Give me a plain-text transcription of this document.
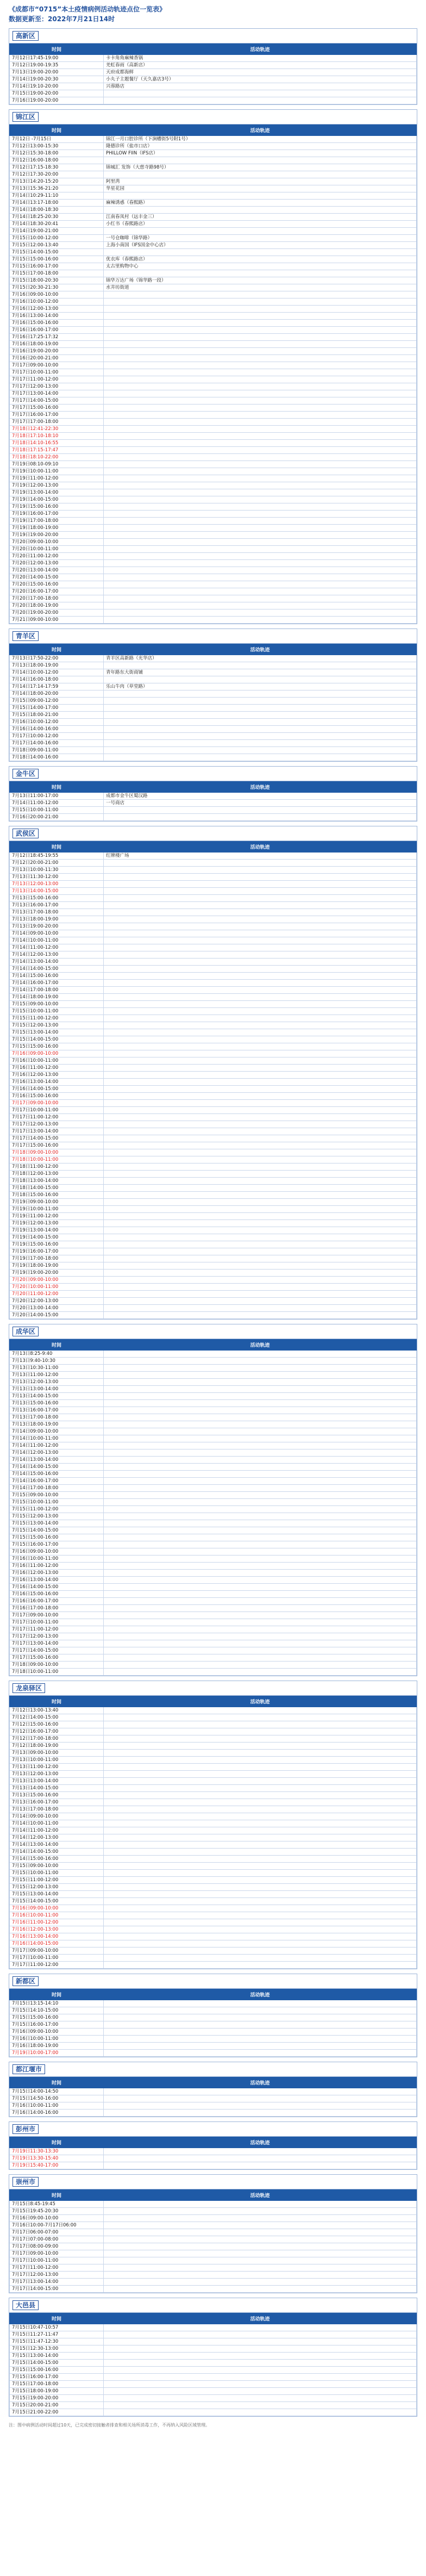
《成都市“0715”本土疫情病例活动轨迹点位一览表》
数据更新至：2022年7月21日14时
高新区
时间	活动轨迹
7月12日17:45-19:00	卡卡角角麻辣香锅
7月12日19:00-19:35	羌虹春雨（高新店）
7月13日19:00-20:00	天府成都海鲜
7月14日19:00-20:30	小丸子主题餐厅（天久嘉店3号）
7月14日19:10-20:00	兴蓉路店
7月15日19:00-20:00	
7月16日19:00-20:00	
锦江区
时间	活动轨迹
7月12日 -7月15日	锦江一月口腔诊所（下涧槽街5号附1号）
7月12日13:00-15:30	隆德诊所（盐市口店）
7月12日15:30-18:00	PHILLOW FIIN（IFS店）
7月12日16:00-18:00	
7月12日17:15-18:30	锦城汇 发饰（大慈寺路98号）
7月12日17:30-20:00	
7月13日14:20-15:20	阿里湾
7月13日15:36-21:20	华星花园
7月14日10:29-11:10	
7月14日13:17-18:00	麻辣诱惑（春熙路）
7月14日18:00-18:30	
7月14日18:25-20:30	江南春凤村（远丰金三）
7月14日18:30-20:41	小红书（春熙路店）
7月14日19:00-21:00	
7月15日10:00-12:00	一号仓咖啡（锦华路）
7月15日12:00-13:40	上海小南国（IFS国金中心店）
7月15日14:00-15:00	
7月15日15:00-16:00	优衣库（春熙路店）
7月15日16:00-17:00	太古里购物中心
7月15日17:00-18:00	
7月15日18:00-20:30	锦华万达广场（锦华路一段）
7月15日20:30-21:30	水井坊街道
7月16日09:00-10:00	
7月16日10:00-12:00	
7月16日12:00-13:00	
7月16日13:00-14:00	
7月16日15:00-16:00	
7月16日16:00-17:00	
7月16日17:25-17:32	
7月16日18:00-19:00	
7月16日19:00-20:00	
7月16日20:00-21:00	
7月17日09:00-10:00	
7月17日10:00-11:00	
7月17日11:00-12:00	
7月17日12:00-13:00	
7月17日13:00-14:00	
7月17日14:00-15:00	
7月17日15:00-16:00	
7月17日16:00-17:00	
7月17日17:00-18:00	
7月18日12:41-22:30	
7月18日17:10-18:10	
7月18日14:10-16:55	
7月18日17:15-17:47	
7月18日18:10-22:00	
7月19日08:10-09:10	
7月19日10:00-11:00	
7月19日11:00-12:00	
7月19日12:00-13:00	
7月19日13:00-14:00	
7月19日14:00-15:00	
7月19日15:00-16:00	
7月19日16:00-17:00	
7月19日17:00-18:00	
7月19日18:00-19:00	
7月19日19:00-20:00	
7月20日09:00-10:00	
7月20日10:00-11:00	
7月20日11:00-12:00	
7月20日12:00-13:00	
7月20日13:00-14:00	
7月20日14:00-15:00	
7月20日15:00-16:00	
7月20日16:00-17:00	
7月20日17:00-18:00	
7月20日18:00-19:00	
7月20日19:00-20:00	
7月21日09:00-10:00	
青羊区
时间	活动轨迹
7月13日17:50-22:00	青羊区高新路（光华店）
7月13日18:00-19:00	
7月14日10:00-12:00	青年路东大街商铺
7月14日16:00-18:00	
7月14日17:14-17:59	乐山牛肉（草堂路）
7月14日18:00-20:00	
7月15日09:00-12:00	
7月15日14:00-17:00	
7月15日18:00-21:00	
7月16日10:00-12:00	
7月16日14:00-16:00	
7月17日10:00-12:00	
7月17日14:00-16:00	
7月18日09:00-11:00	
7月18日14:00-16:00	
金牛区
时间	活动轨迹
7月13日11:00-17:00	成都市金牛区蜀汉路
7月14日11:00-12:00	一号商店
7月15日10:00-11:00	
7月16日20:00-21:00	
武侯区
时间	活动轨迹
7月12日18:45-19:55	红牌楼广场
7月12日20:00-21:00	
7月13日10:00-11:30	
7月13日11:30-12:00	
7月13日12:00-13:00	
7月13日14:00-15:00	
7月13日15:00-16:00	
7月13日16:00-17:00	
7月13日17:00-18:00	
7月13日18:00-19:00	
7月13日19:00-20:00	
7月14日09:00-10:00	
7月14日10:00-11:00	
7月14日11:00-12:00	
7月14日12:00-13:00	
7月14日13:00-14:00	
7月14日14:00-15:00	
7月14日15:00-16:00	
7月14日16:00-17:00	
7月14日17:00-18:00	
7月14日18:00-19:00	
7月15日09:00-10:00	
7月15日10:00-11:00	
7月15日11:00-12:00	
7月15日12:00-13:00	
7月15日13:00-14:00	
7月15日14:00-15:00	
7月15日15:00-16:00	
7月16日09:00-10:00	
7月16日10:00-11:00	
7月16日11:00-12:00	
7月16日12:00-13:00	
7月16日13:00-14:00	
7月16日14:00-15:00	
7月16日15:00-16:00	
7月17日09:00-10:00	
7月17日10:00-11:00	
7月17日11:00-12:00	
7月17日12:00-13:00	
7月17日13:00-14:00	
7月17日14:00-15:00	
7月17日15:00-16:00	
7月18日09:00-10:00	
7月18日10:00-11:00	
7月18日11:00-12:00	
7月18日12:00-13:00	
7月18日13:00-14:00	
7月18日14:00-15:00	
7月18日15:00-16:00	
7月19日09:00-10:00	
7月19日10:00-11:00	
7月19日11:00-12:00	
7月19日12:00-13:00	
7月19日13:00-14:00	
7月19日14:00-15:00	
7月19日15:00-16:00	
7月19日16:00-17:00	
7月19日17:00-18:00	
7月19日18:00-19:00	
7月19日19:00-20:00	
7月20日09:00-10:00	
7月20日10:00-11:00	
7月20日11:00-12:00	
7月20日12:00-13:00	
7月20日13:00-14:00	
7月20日14:00-15:00	
成华区
时间	活动轨迹
7月13日8:25-9:40	
7月13日9:40-10:30	
7月13日10:30-11:00	
7月13日11:00-12:00	
7月13日12:00-13:00	
7月13日13:00-14:00	
7月13日14:00-15:00	
7月13日15:00-16:00	
7月13日16:00-17:00	
7月13日17:00-18:00	
7月13日18:00-19:00	
7月14日09:00-10:00	
7月14日10:00-11:00	
7月14日11:00-12:00	
7月14日12:00-13:00	
7月14日13:00-14:00	
7月14日14:00-15:00	
7月14日15:00-16:00	
7月14日16:00-17:00	
7月14日17:00-18:00	
7月15日09:00-10:00	
7月15日10:00-11:00	
7月15日11:00-12:00	
7月15日12:00-13:00	
7月15日13:00-14:00	
7月15日14:00-15:00	
7月15日15:00-16:00	
7月15日16:00-17:00	
7月16日09:00-10:00	
7月16日10:00-11:00	
7月16日11:00-12:00	
7月16日12:00-13:00	
7月16日13:00-14:00	
7月16日14:00-15:00	
7月16日15:00-16:00	
7月16日16:00-17:00	
7月16日17:00-18:00	
7月17日09:00-10:00	
7月17日10:00-11:00	
7月17日11:00-12:00	
7月17日12:00-13:00	
7月17日13:00-14:00	
7月17日14:00-15:00	
7月17日15:00-16:00	
7月18日09:00-10:00	
7月18日10:00-11:00	
龙泉驿区
时间	活动轨迹
7月12日13:00-13:40	
7月12日14:00-15:00	
7月12日15:00-16:00	
7月12日16:00-17:00	
7月12日17:00-18:00	
7月12日18:00-19:00	
7月13日09:00-10:00	
7月13日10:00-11:00	
7月13日11:00-12:00	
7月13日12:00-13:00	
7月13日13:00-14:00	
7月13日14:00-15:00	
7月13日15:00-16:00	
7月13日16:00-17:00	
7月13日17:00-18:00	
7月14日09:00-10:00	
7月14日10:00-11:00	
7月14日11:00-12:00	
7月14日12:00-13:00	
7月14日13:00-14:00	
7月14日14:00-15:00	
7月14日15:00-16:00	
7月15日09:00-10:00	
7月15日10:00-11:00	
7月15日11:00-12:00	
7月15日12:00-13:00	
7月15日13:00-14:00	
7月15日14:00-15:00	
7月16日09:00-10:00	
7月16日10:00-11:00	
7月16日11:00-12:00	
7月16日12:00-13:00	
7月16日13:00-14:00	
7月16日14:00-15:00	
7月17日09:00-10:00	
7月17日10:00-11:00	
7月17日11:00-12:00	
新都区
时间	活动轨迹
7月15日13:15-14:10	
7月15日14:10-15:00	
7月15日15:00-16:00	
7月15日16:00-17:00	
7月16日09:00-10:00	
7月16日10:00-11:00	
7月16日18:00-19:00	
7月19日10:00-17:00	
都江堰市
时间	活动轨迹
7月15日14:00-14:50	
7月15日14:50-16:00	
7月16日10:00-11:00	
7月16日14:00-16:00	
彭州市
时间	活动轨迹
7月19日11:30-13:30	
7月19日13:30-15:40	
7月19日15:40-17:00	
崇州市
时间	活动轨迹
7月15日8:45-19:45	
7月15日19:45-20:30	
7月16日09:00-10:00	
7月16日10:00-7月17日06:00	
7月17日06:00-07:00	
7月17日07:00-08:00	
7月17日08:00-09:00	
7月17日09:00-10:00	
7月17日10:00-11:00	
7月17日11:00-12:00	
7月17日12:00-13:00	
7月17日13:00-14:00	
7月17日14:00-15:00	
大邑县
时间	活动轨迹
7月15日10:47-10:57	
7月15日11:27-11:47	
7月15日11:47-12:30	
7月15日12:30-13:00	
7月15日13:00-14:00	
7月15日14:00-15:00	
7月15日15:00-16:00	
7月15日16:00-17:00	
7月15日17:00-18:00	
7月15日18:00-19:00	
7月15日19:00-20:00	
7月15日20:00-21:00	
7月15日21:00-22:00	
注：图中病例活动时间超过10天，已完成密切接触者排查和相关场所消毒工作，不再纳入风险区域管理。
